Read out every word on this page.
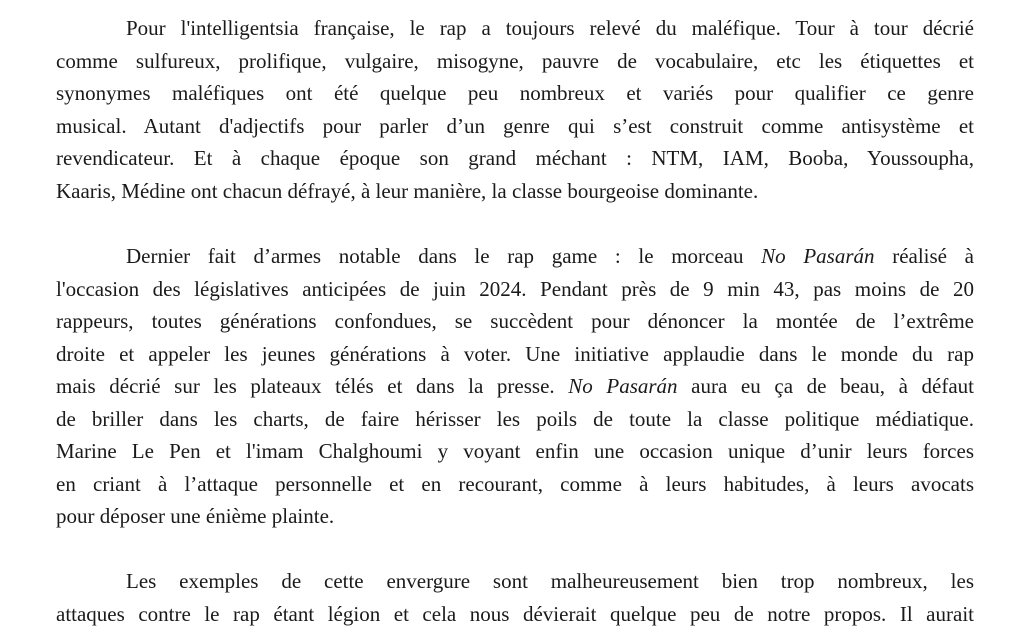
Pour l'intelligentsia française, le rap a toujours relevé du maléfique. Tour à tour décrié
comme sulfureux, prolifique, vulgaire, misogyne, pauvre de vocabulaire, etc les étiquettes et
synonymes maléfiques ont été quelque peu nombreux et variés pour qualifier ce genre
musical. Autant d'adjectifs pour parler d’un genre qui s’est construit comme antisystème et
revendicateur. Et à chaque époque son grand méchant : NTM, IAM, Booba, Youssoupha,
Kaaris, Médine ont chacun défrayé, à leur manière, la classe bourgeoise dominante.
Dernier fait d’armes notable dans le rap game : le morceau No Pasarán réalisé à
l'occasion des législatives anticipées de juin 2024. Pendant près de 9 min 43, pas moins de 20
rappeurs, toutes générations confondues, se succèdent pour dénoncer la montée de l’extrême
droite et appeler les jeunes générations à voter. Une initiative applaudie dans le monde du rap
mais décrié sur les plateaux télés et dans la presse. No Pasarán aura eu ça de beau, à défaut
de briller dans les charts, de faire hérisser les poils de toute la classe politique médiatique.
Marine Le Pen et l'imam Chalghoumi y voyant enfin une occasion unique d’unir leurs forces
en criant à l’attaque personnelle et en recourant, comme à leurs habitudes, à leurs avocats
pour déposer une énième plainte.
Les exemples de cette envergure sont malheureusement bien trop nombreux, les
attaques contre le rap étant légion et cela nous dévierait quelque peu de notre propos. Il aurait
